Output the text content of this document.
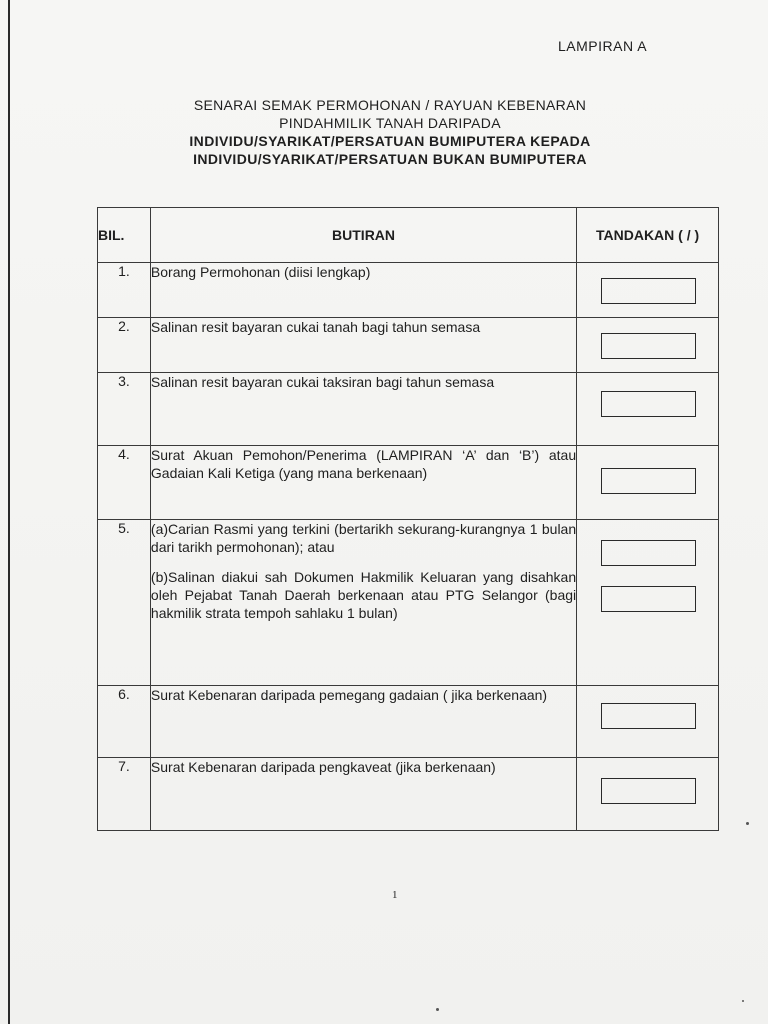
LAMPIRAN A
SENARAI SEMAK PERMOHONAN / RAYUAN KEBENARAN
PINDAHMILIK TANAH DARIPADA
INDIVIDU/SYARIKAT/PERSATUAN BUMIPUTERA KEPADA
INDIVIDU/SYARIKAT/PERSATUAN BUKAN BUMIPUTERA
BIL.	BUTIRAN	TANDAKAN ( / )
1.	Borang Permohonan (diisi lengkap)	

2.	Salinan resit bayaran cukai tanah bagi tahun semasa	

3.	Salinan resit bayaran cukai taksiran bagi tahun semasa	

4.	Surat Akuan Pemohon/Penerima (LAMPIRAN ‘A’ dan ‘B’) atau Gadaian Kali Ketiga (yang mana berkenaan)	

5.	(a)Carian Rasmi yang terkini (bertarikh sekurang-kurangnya 1 bulan dari tarikh permohonan); atau
(b)Salinan diakui sah Dokumen Hakmilik Keluaran yang disahkan oleh Pejabat Tanah Daerah berkenaan atau PTG Selangor (bagi hakmilik strata tempoh sahlaku 1 bulan)	

6.	Surat Kebenaran daripada pemegang gadaian ( jika berkenaan)	

7.	Surat Kebenaran daripada pengkaveat (jika berkenaan)	
1
